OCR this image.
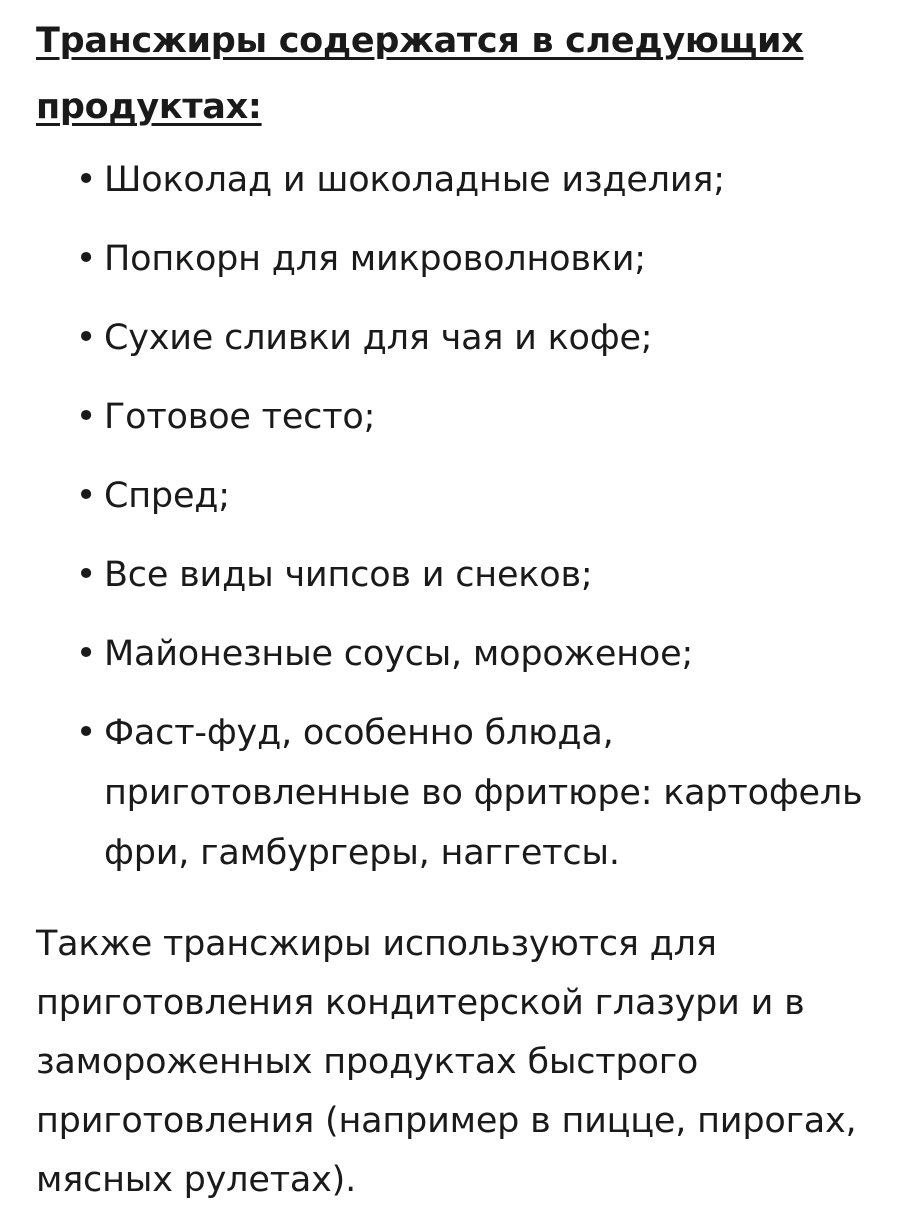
Трансжиры содержатся в следующих продуктах:
• Шоколад и шоколадные изделия;
• Попкорн для микроволновки;
• Сухие сливки для чая и кофе;
• Готовое тесто;
• Спред;
• Все виды чипсов и снеков;
• Майонезные соусы, мороженое;
• Фаст-фуд, особенно блюда, приготовленные во фритюре: картофель фри, гамбургеры, наггетсы.

Также трансжиры используются для приготовления кондитерской глазури и в замороженных продуктах быстрого приготовления (например в пицце, пирогах, мясных рулетах).
